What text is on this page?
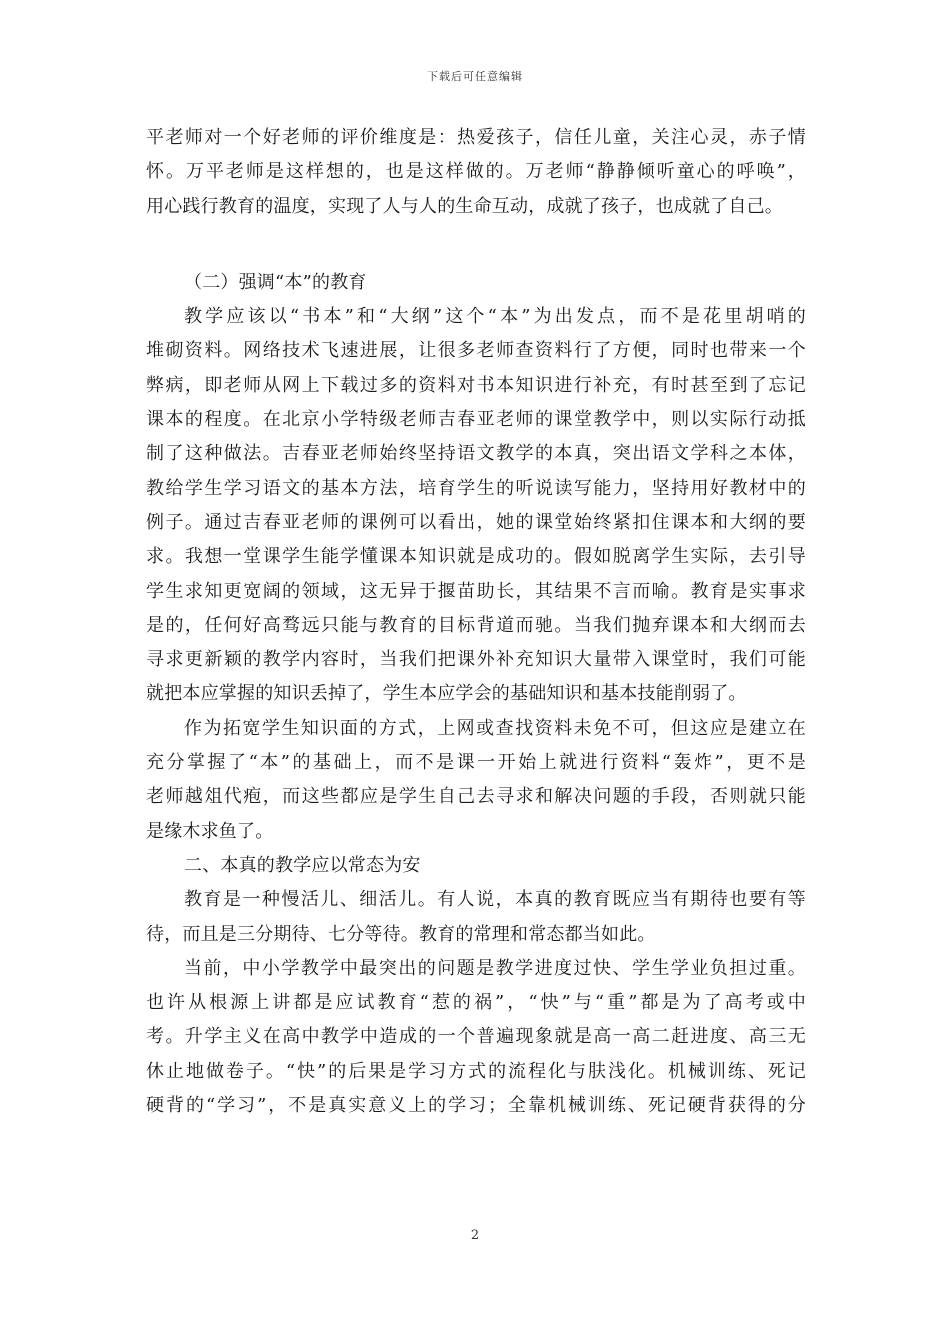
下载后可任意编辑
平老师对一个好老师的评价维度是：热爱孩子，信任儿童，关注心灵，赤子情
怀。万平老师是这样想的，也是这样做的。万老师“静静倾听童心的呼唤”，
用心践行教育的温度，实现了人与人的生命互动，成就了孩子，也成就了自己。
（二）强调“本”的教育
教学应该以“书本”和“大纲”这个“本”为出发点，而不是花里胡哨的
堆砌资料。网络技术飞速进展，让很多老师查资料行了方便，同时也带来一个
弊病，即老师从网上下载过多的资料对书本知识进行补充，有时甚至到了忘记
课本的程度。在北京小学特级老师吉春亚老师的课堂教学中，则以实际行动抵
制了这种做法。吉春亚老师始终坚持语文教学的本真，突出语文学科之本体，
教给学生学习语文的基本方法，培育学生的听说读写能力，坚持用好教材中的
例子。通过吉春亚老师的课例可以看出，她的课堂始终紧扣住课本和大纲的要
求。我想一堂课学生能学懂课本知识就是成功的。假如脱离学生实际，去引导
学生求知更宽阔的领域，这无异于揠苗助长，其结果不言而喻。教育是实事求
是的，任何好高骛远只能与教育的目标背道而驰。当我们抛弃课本和大纲而去
寻求更新颖的教学内容时，当我们把课外补充知识大量带入课堂时，我们可能
就把本应掌握的知识丢掉了，学生本应学会的基础知识和基本技能削弱了。
作为拓宽学生知识面的方式，上网或查找资料未免不可，但这应是建立在
充分掌握了“本”的基础上，而不是课一开始上就进行资料“轰炸”，更不是
老师越俎代疱，而这些都应是学生自己去寻求和解决问题的手段，否则就只能
是缘木求鱼了。
二、本真的教学应以常态为安
教育是一种慢活儿、细活儿。有人说，本真的教育既应当有期待也要有等
待，而且是三分期待、七分等待。教育的常理和常态都当如此。
当前，中小学教学中最突出的问题是教学进度过快、学生学业负担过重。
也许从根源上讲都是应试教育“惹的祸”，“快”与“重”都是为了高考或中
考。升学主义在高中教学中造成的一个普遍现象就是高一高二赶进度、高三无
休止地做卷子。“快”的后果是学习方式的流程化与肤浅化。机械训练、死记
硬背的“学习”，不是真实意义上的学习；全靠机械训练、死记硬背获得的分
2
